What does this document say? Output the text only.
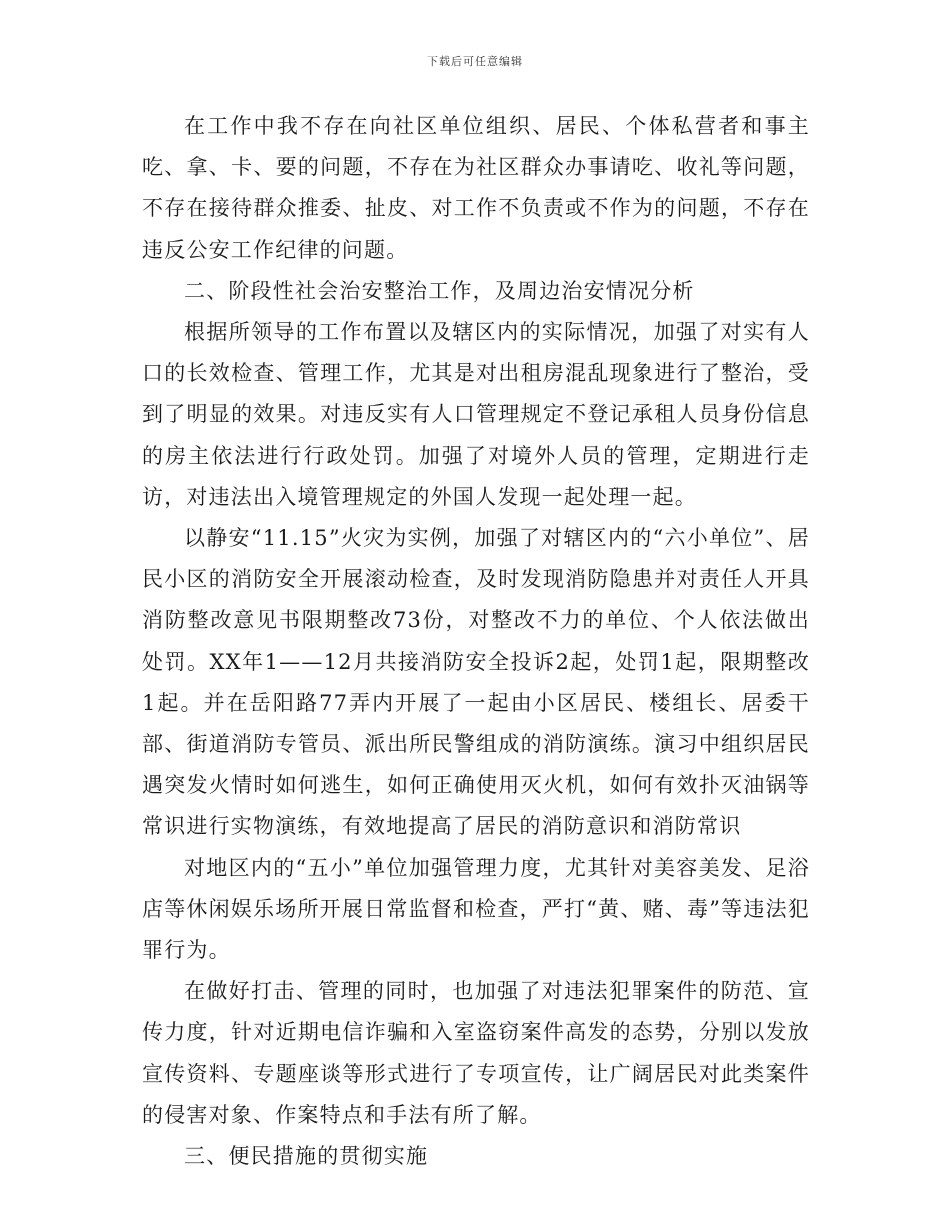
下载后可任意编辑

在工作中我不存在向社区单位组织、居民、个体私营者和事主吃、拿、卡、要的问题，不存在为社区群众办事请吃、收礼等问题，不存在接待群众推委、扯皮、对工作不负责或不作为的问题，不存在违反公安工作纪律的问题。

二、阶段性社会治安整治工作，及周边治安情况分析

根据所领导的工作布置以及辖区内的实际情况，加强了对实有人口的长效检查、管理工作，尤其是对出租房混乱现象进行了整治，受到了明显的效果。对违反实有人口管理规定不登记承租人员身份信息的房主依法进行行政处罚。加强了对境外人员的管理，定期进行走访，对违法出入境管理规定的外国人发现一起处理一起。

以静安“11.15”火灾为实例，加强了对辖区内的“六小单位”、居民小区的消防安全开展滚动检查，及时发现消防隐患并对责任人开具消防整改意见书限期整改73份，对整改不力的单位、个人依法做出处罚。XX年1——12月共接消防安全投诉2起，处罚1起，限期整改1起。并在岳阳路77弄内开展了一起由小区居民、楼组长、居委干部、街道消防专管员、派出所民警组成的消防演练。演习中组织居民遇突发火情时如何逃生，如何正确使用灭火机，如何有效扑灭油锅等常识进行实物演练，有效地提高了居民的消防意识和消防常识

对地区内的“五小”单位加强管理力度，尤其针对美容美发、足浴店等休闲娱乐场所开展日常监督和检查，严打“黄、赌、毒”等违法犯罪行为。

在做好打击、管理的同时，也加强了对违法犯罪案件的防范、宣传力度，针对近期电信诈骗和入室盗窃案件高发的态势，分别以发放宣传资料、专题座谈等形式进行了专项宣传，让广阔居民对此类案件的侵害对象、作案特点和手法有所了解。

三、便民措施的贯彻实施
